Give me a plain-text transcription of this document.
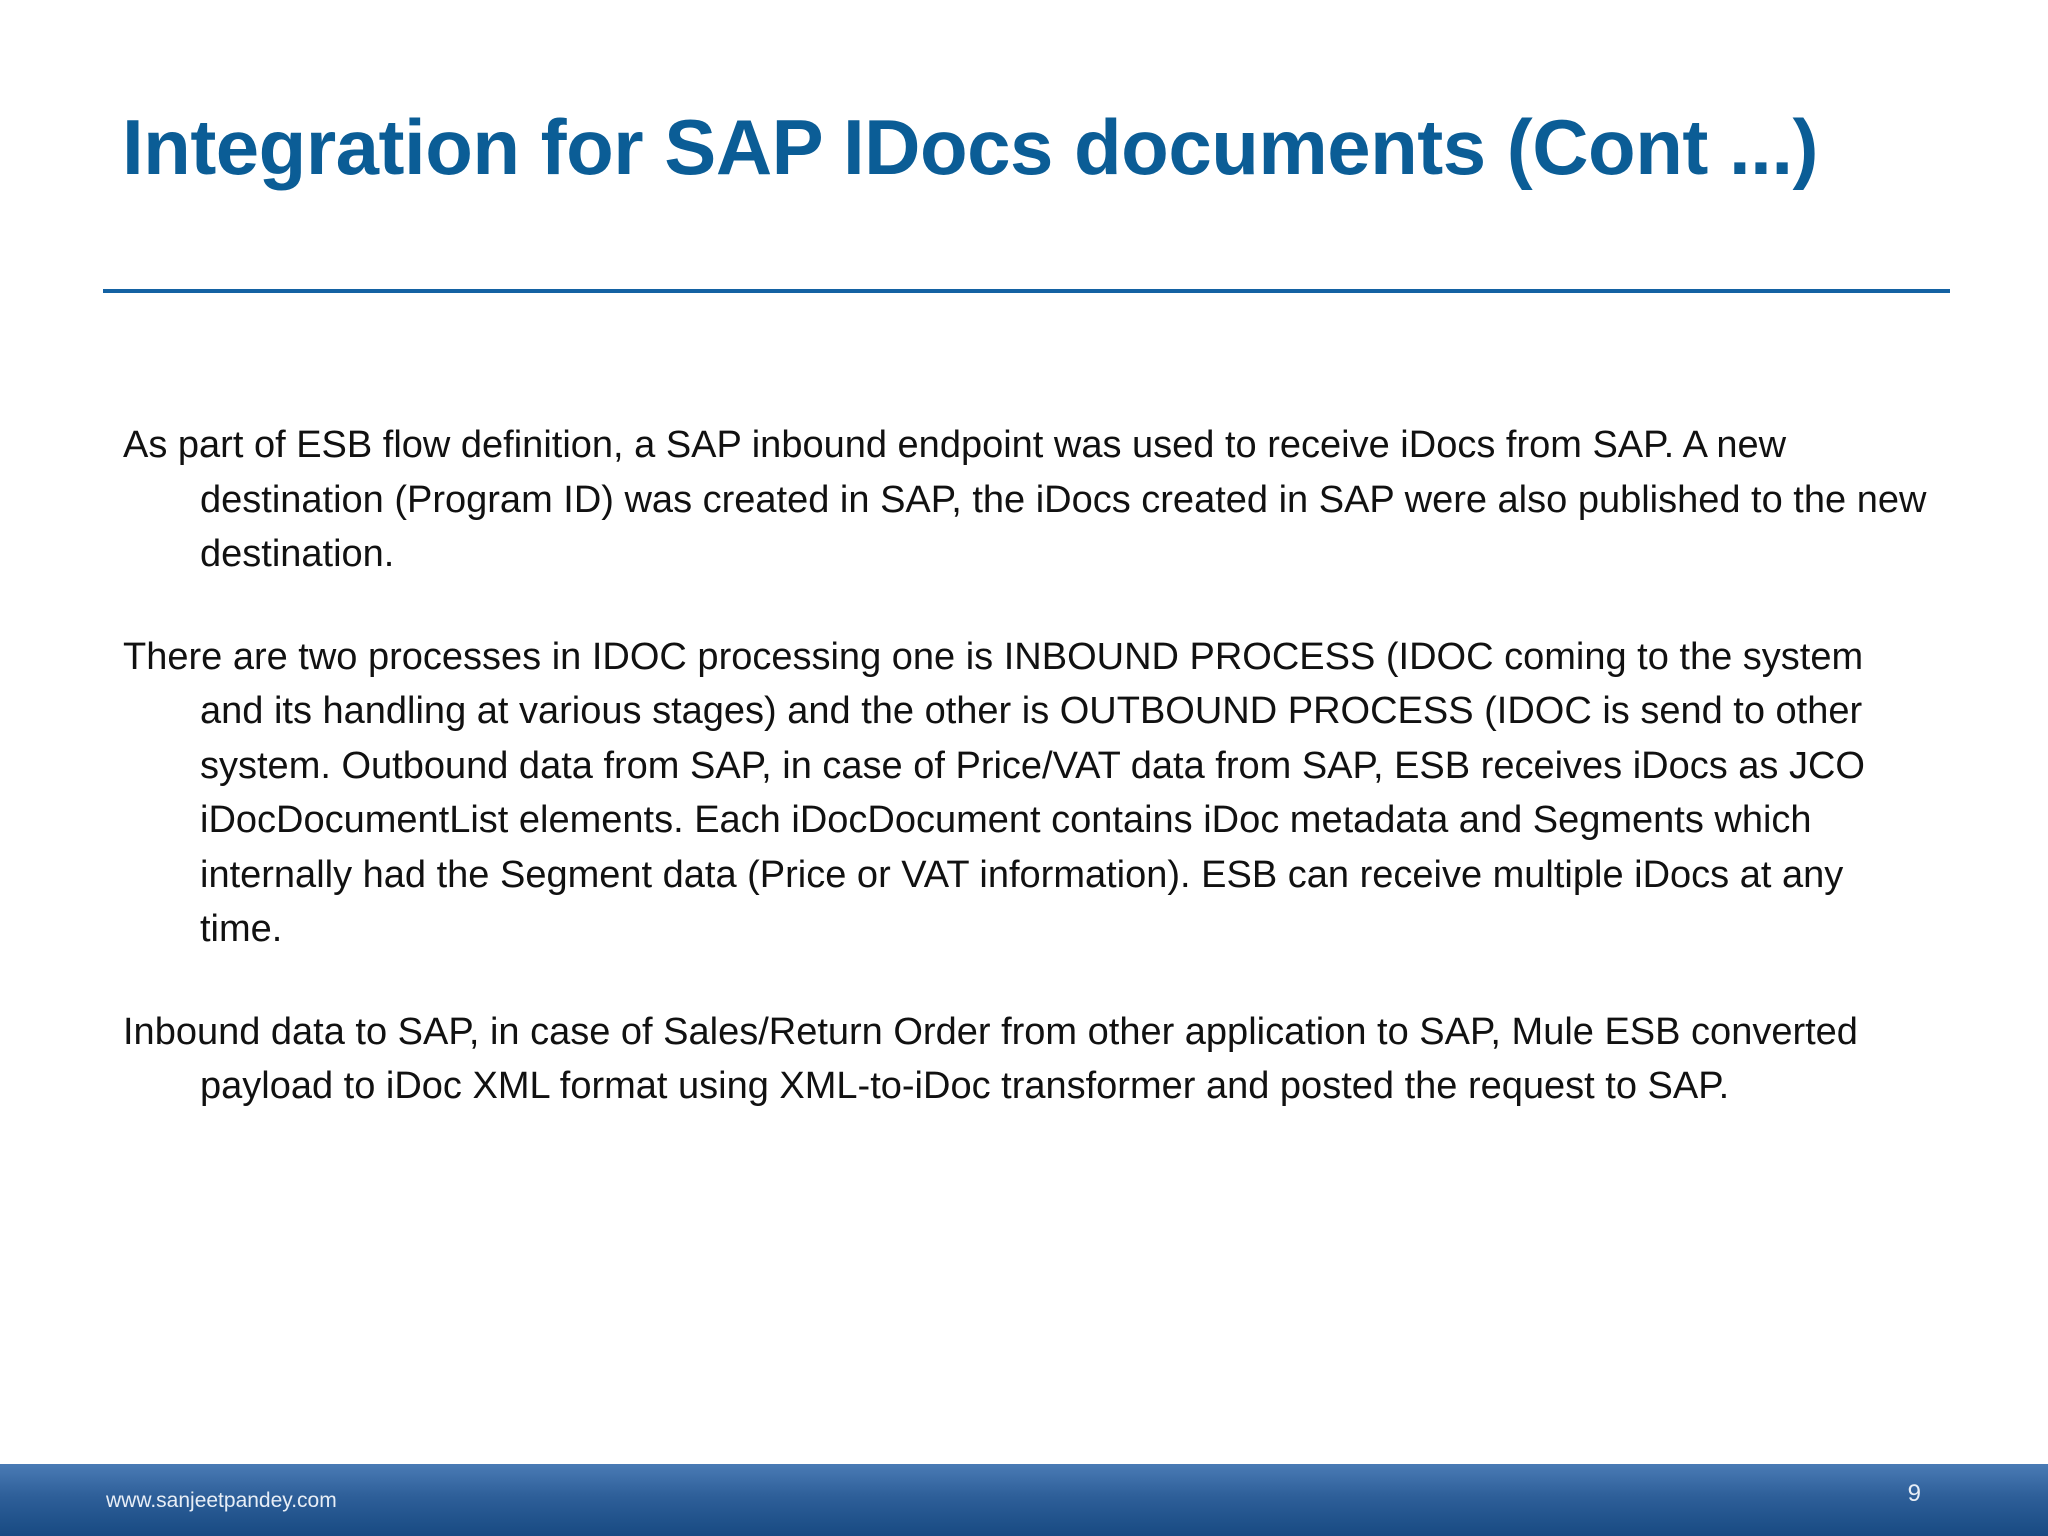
Integration for SAP IDocs documents (Cont ...)

As part of ESB flow definition, a SAP inbound endpoint was used to receive iDocs from SAP. A new destination (Program ID) was created in SAP, the iDocs created in SAP were also published to the new destination.

There are two processes in IDOC processing one is INBOUND PROCESS (IDOC coming to the system and its handling at various stages) and the other is OUTBOUND PROCESS (IDOC is send to other system. Outbound data from SAP, in case of Price/VAT data from SAP, ESB receives iDocs as JCO iDocDocumentList elements. Each iDocDocument contains iDoc metadata and Segments which internally had the Segment data (Price or VAT information). ESB can receive multiple iDocs at any time.

Inbound data to SAP, in case of Sales/Return Order from other application to SAP, Mule ESB converted payload to iDoc XML format using XML-to-iDoc transformer and posted the request to SAP.

www.sanjeetpandey.com	9
